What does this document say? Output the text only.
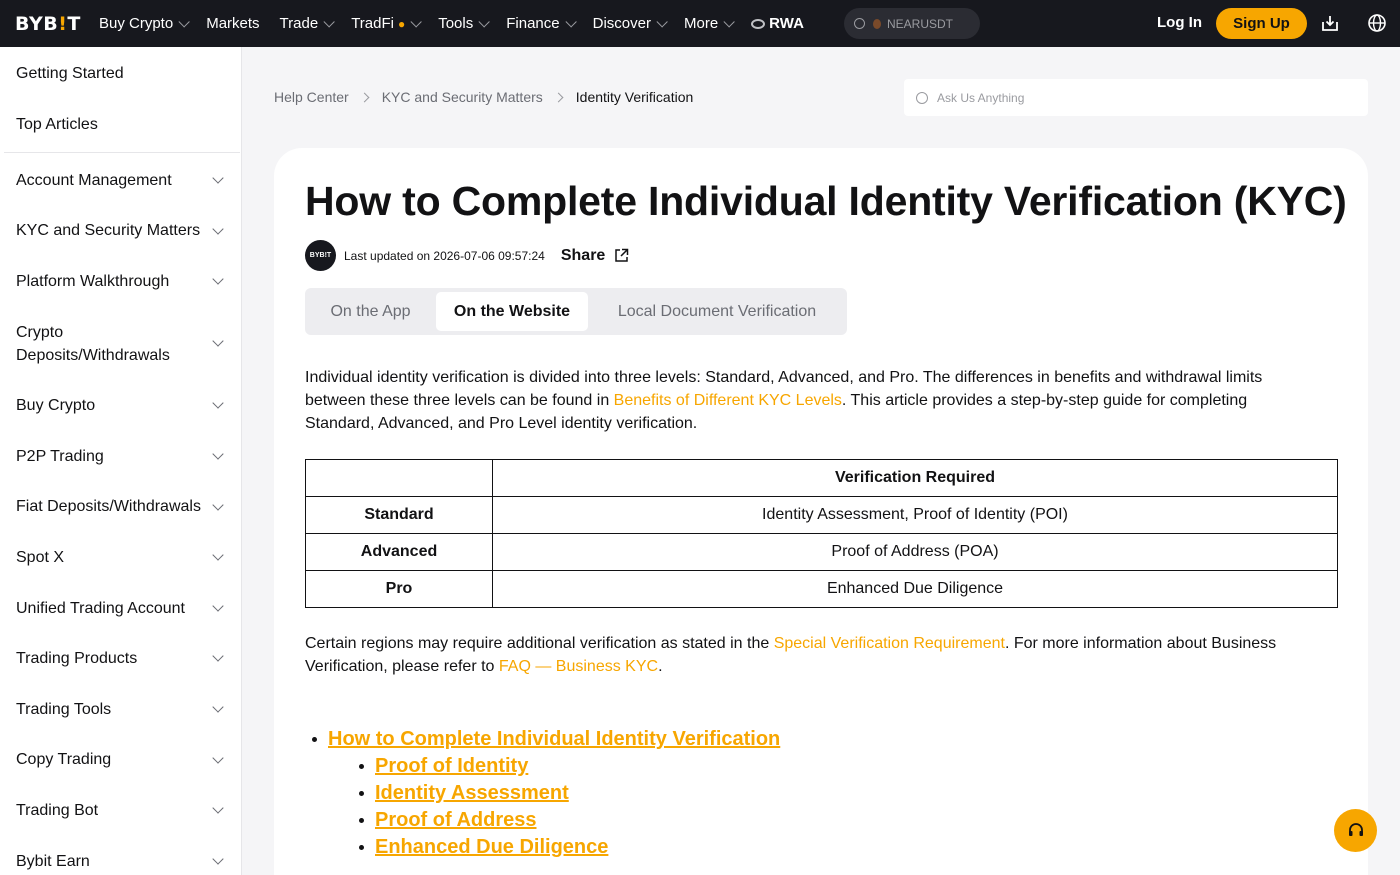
BYB!T Buy Crypto Markets Trade TradFi ● Tools Finance Discover More	RWA	NEARUSDT	Log In	Sign Up
Getting Started
Top Articles
Account Management
KYC and Security Matters
Platform Walkthrough
Crypto Deposits/Withdrawals
Buy Crypto
P2P Trading
Fiat Deposits/Withdrawals
Spot X
Unified Trading Account
Trading Products
Trading Tools
Copy Trading
Trading Bot
Bybit Earn
Help Center KYC and Security Matters Identity Verification
Ask Us Anything
How to Complete Individual Identity Verification (KYC)
BYB!T	Last updated on 2026-07-06 09:57:24 Share
On the App	On the Website	Local Document Verification

Individual identity verification is divided into three levels: Standard, Advanced, and Pro. The differences in benefits and withdrawal limits between these three levels can be found in Benefits of Different KYC Levels. This article provides a step-by-step guide for completing Standard, Advanced, and Pro Level identity verification.

	Verification Required
Standard	Identity Assessment, Proof of Identity (POI)
Advanced	Proof of Address (POA)
Pro	Enhanced Due Diligence

Certain regions may require additional verification as stated in the Special Verification Requirement. For more information about Business Verification, please refer to FAQ — Business KYC.

How to Complete Individual Identity Verification
Proof of Identity
Identity Assessment
Proof of Address
Enhanced Due Diligence
